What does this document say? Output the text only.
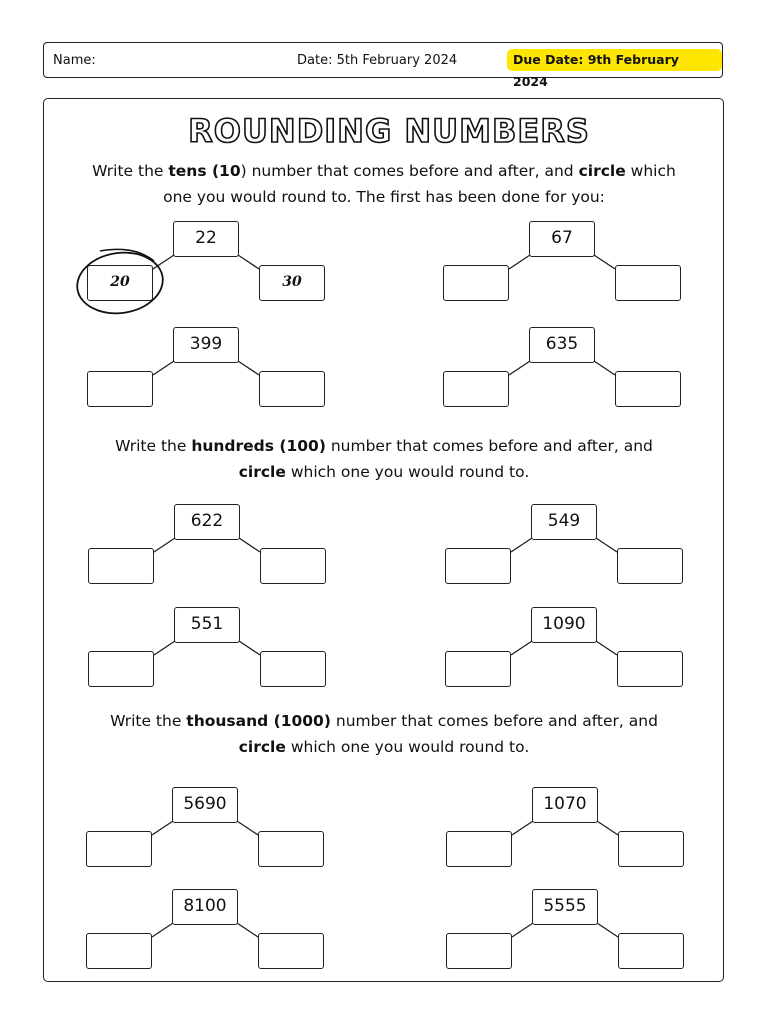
Name:	Date: 5th February 2024	Due Date: 9th February 2024
ROUNDING NUMBERS
Write the tens (10) number that comes before and after, and circle which one you would round to. The first has been done for you:
Write the hundreds (100) number that comes before and after, and circle which one you would round to.
Write the thousand (1000) number that comes before and after, and circle which one you would round to.
22
20	30
67
399	635
622	549
551	1090
5690	1070
8100	5555
